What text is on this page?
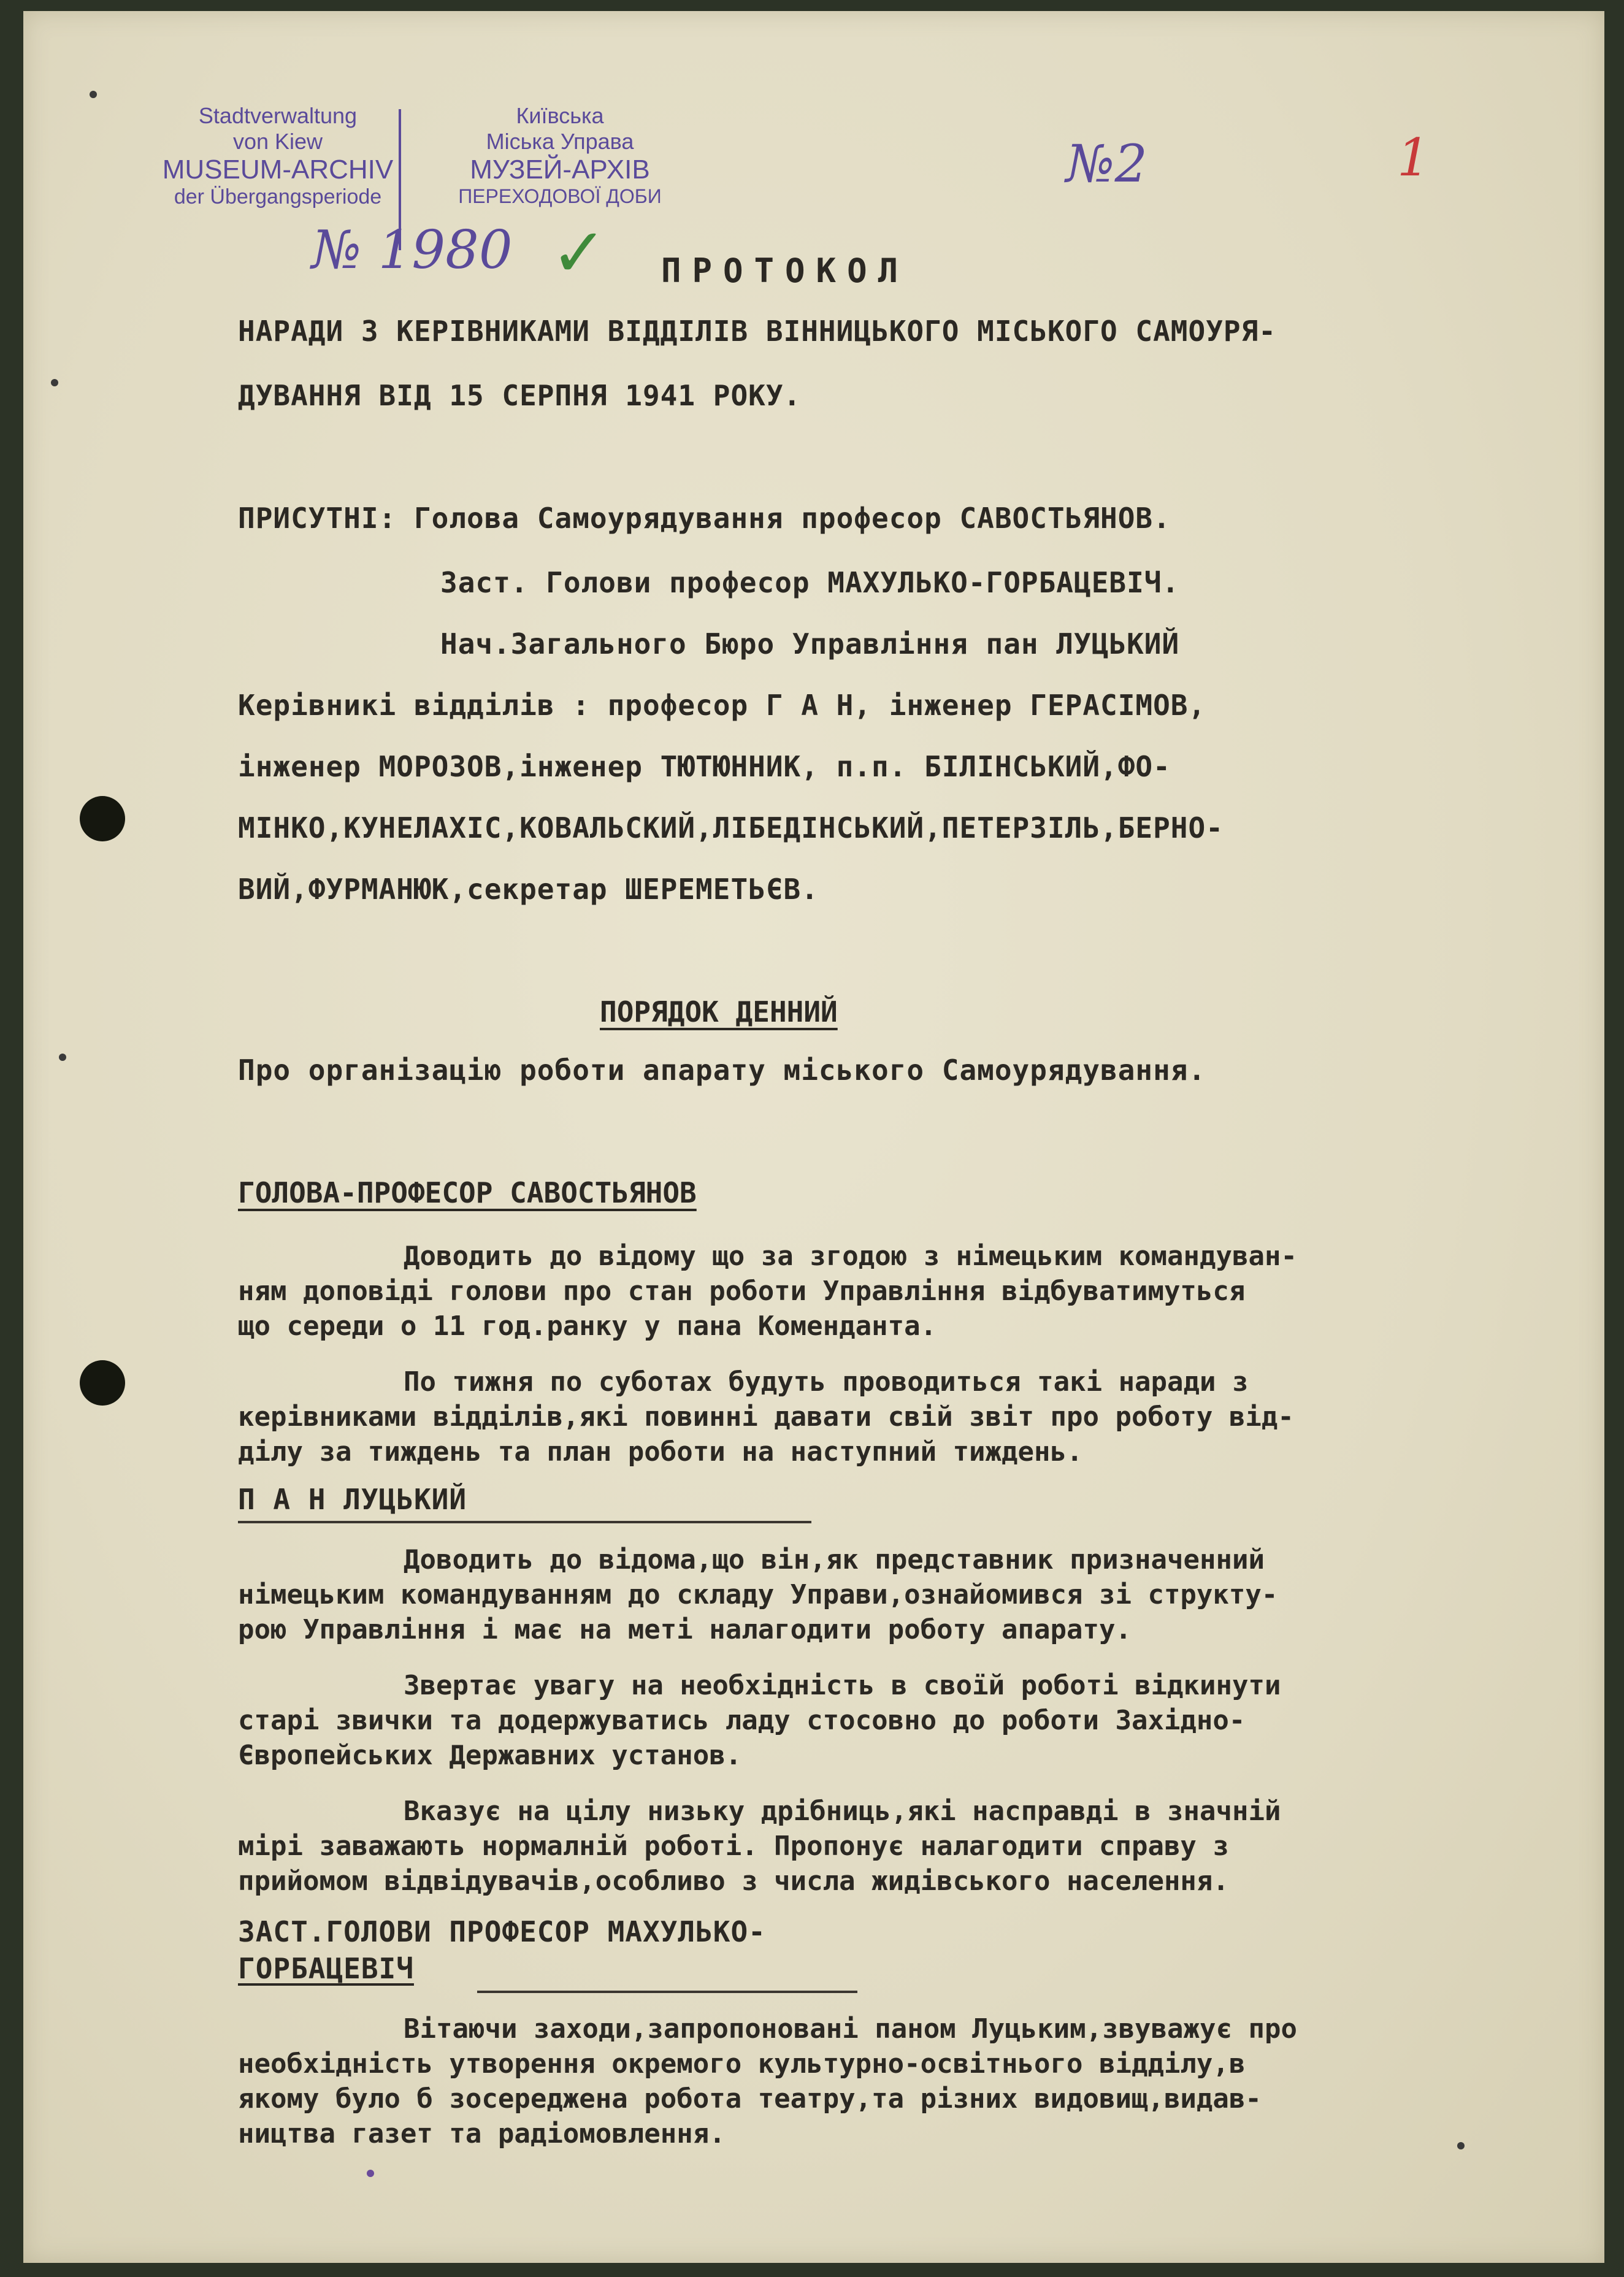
Stadtverwaltung
von Kiew
MUSEUM-ARCHIV
der Übergangsperiode
Київська
Міська Управа
МУЗЕЙ-АРХІВ
ПЕРЕХОДОВОЇ ДОБИ
№ 1980 ✓
№2	1
ПРОТОКОЛ
НАРАДИ З КЕРІВНИКАМИ ВІДДІЛІВ ВІННИЦЬКОГО МІСЬКОГО САМОУРЯ-
ДУВАННЯ ВІД 15 СЕРПНЯ 1941 РОКУ.
ПРИСУТНІ: Голова Самоурядування професор САВОСТЬЯНОВ.
Заст. Голови професор МАХУЛЬКО-ГОРБАЦЕВІЧ.
Нач.Загального Бюро Управління пан ЛУЦЬКИЙ
Керівникі відділів : професор Г А Н, інженер ГЕРАСІМОВ,
інженер МОРОЗОВ,інженер ТЮТЮННИК, п.п. БІЛІНСЬКИЙ,ФО-
МІНКО,КУНЕЛАХІС,КОВАЛЬСКИЙ,ЛІБЕДІНСЬКИЙ,ПЕТЕРЗІЛЬ,БЕРНО-
ВИЙ,ФУРМАНЮК,секретар ШЕРЕМЕТЬЄВ.
ПОРЯДОК ДЕННИЙ
Про організацію роботи апарату міського Самоурядування.
ГОЛОВА-ПРОФЕСОР САВОСТЬЯНОВ
Доводить до відому що за згодою з німецьким командуван-
ням доповіді голови про стан роботи Управління відбуватимуться
що середи о 11 год.ранку у пана Коменданта.
По тижня по суботах будуть проводиться такі наради з
керівниками відділів,які повинні давати свій звіт про роботу від-
ділу за тиждень та план роботи на наступний тиждень.
П А Н ЛУЦЬКИЙ
Доводить до відома,що він,як представник призначенний
німецьким командуванням до складу Управи,ознайомився зі структу-
рою Управління і має на меті налагодити роботу апарату.
Звертає увагу на необхідність в своїй роботі відкинути
старі звички та додержуватись ладу стосовно до роботи Західно-
Європейських Державних установ.
Вказує на цілу низьку дрібниць,які насправді в значній
мірі заважають нормалній роботі. Пропонує налагодити справу з
прийомом відвідувачів,особливо з числа жидівського населення.
ЗАСТ.ГОЛОВИ ПРОФЕСОР МАХУЛЬКО-
ГОРБАЦЕВІЧ
Вітаючи заходи,запропоновані паном Луцьким,звуважує про
необхідність утворення окремого культурно-освітнього відділу,в
якому було б зосереджена робота театру,та різних видовищ,видав-
ництва газет та радіомовлення.
